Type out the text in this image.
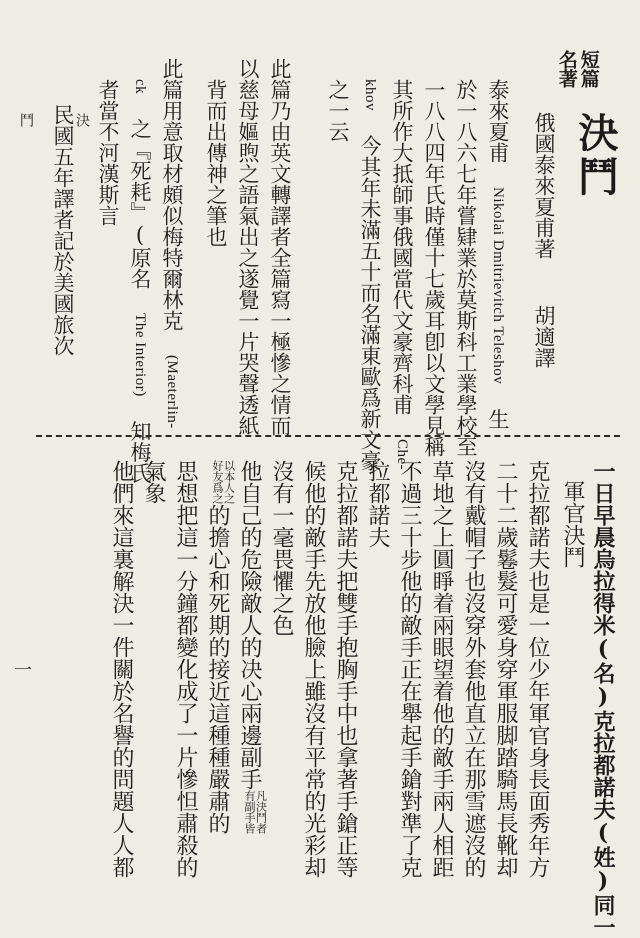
短篇
名著
決鬥
俄國泰來夏甫著
胡適譯
泰來夏甫 Nikolai Dmitrievitch Teleshov 生
於一八六七年嘗肄業於莫斯科工業學校至
一八八四年氏時僅十七歲耳卽以文學見稱
其所作大抵師事俄國當代文豪齊科甫 Che-
khov 今其年未滿五十而名滿東歐爲新文豪
之一云
此篇乃由英文轉譯者全篇寫一極慘之情而
以慈母嫗煦之語氣出之遂覺一片哭聲透紙
背而出傳神之筆也
此篇用意取材頗似梅特爾林克 (Maeterlin-
ck 之『死耗』(原名 The Interior) 知梅氏
者當不河漢斯言
民國五年譯者記於美國旅次 決

鬥
一	一日早晨烏拉得米(名)克拉都諾夫(姓)同一
軍官決鬥
克拉都諾夫也是一位少年軍官身長面秀年方
二十二歲鬈髮可愛身穿軍服脚踏騎馬長靴却
沒有戴帽子也沒穿外套他直立在那雪遮沒的
草地之上圓睜着兩眼望着他的敵手兩人相距
不過三十步他的敵手正在舉起手鎗對準了克
拉都諾夫
克拉都諾夫把雙手抱胸手中也拿著手鎗正等
候他的敵手先放他臉上雖沒有平常的光彩却
沒有一毫畏懼之色
他自己的危險敵人的决心兩邊副手凡決鬥者
有副手皆
以本人之
好友爲之的擔心和死期的接近這種種嚴肅的
思想把這一分鐘都變化成了一片慘怛肅殺的
氣象
他們來這裏解決一件關於名譽的問題人人都
